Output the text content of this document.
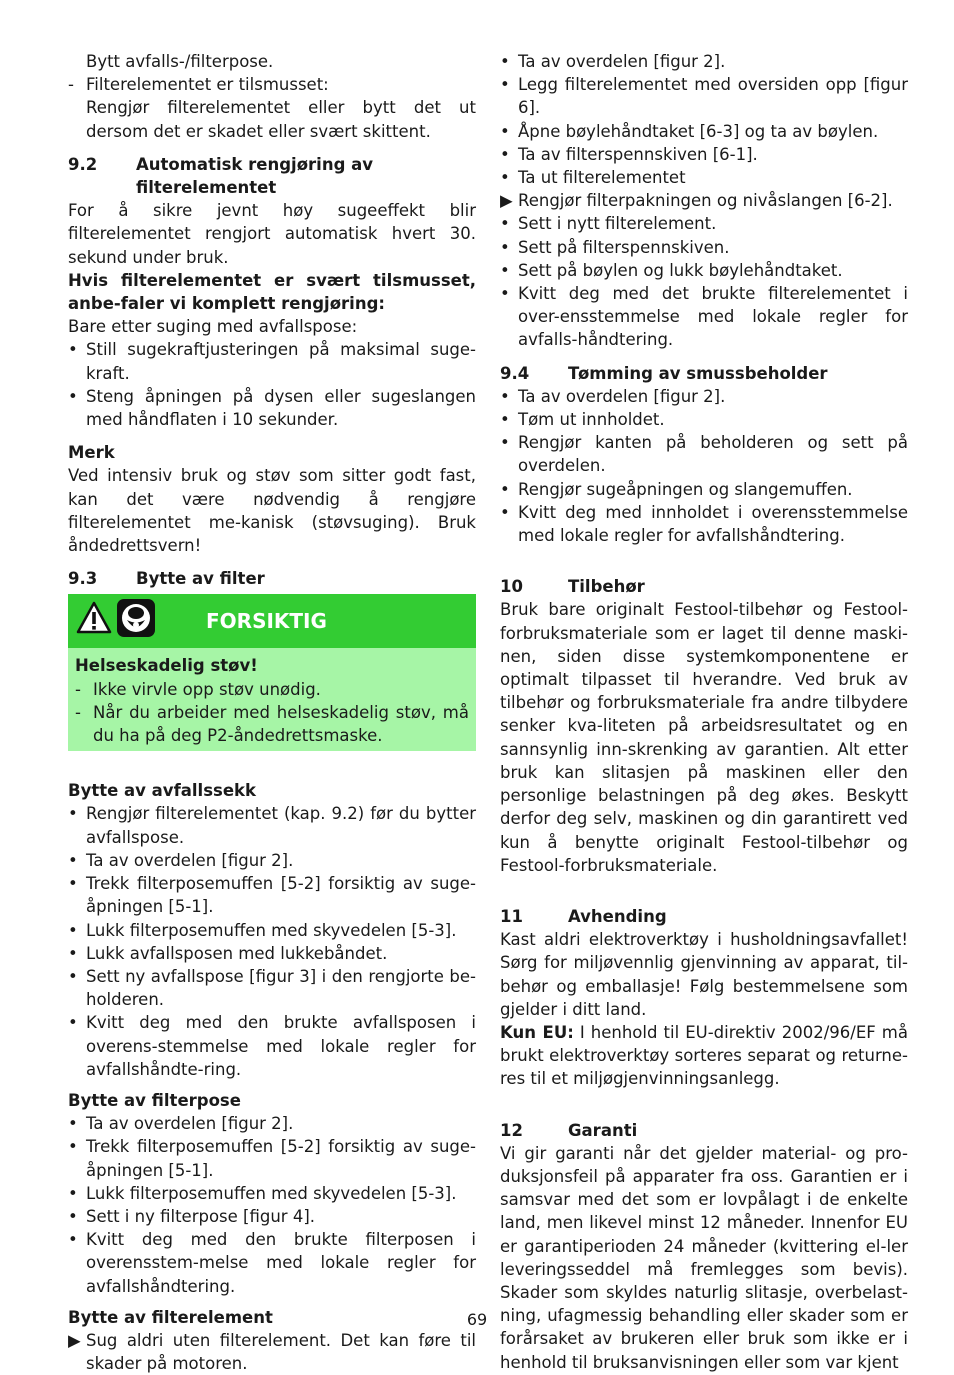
Bytt avfalls-/filterpose.

- Filterelementet er tilsmusset:

Rengjør filterelementet eller bytt det ut dersom det er skadet eller svært skittent.

9.2	Automatisk rengjøring av filterelementet

For å sikre jevnt høy sugeeffekt blir filterelementet rengjort automatisk hvert 30. sekund under bruk.

Hvis filterelementet er svært tilsmusset, anbe-faler vi komplett rengjøring:

Bare etter suging med avfallspose:

• Still sugekraftjusteringen på maksimal suge-kraft.
• Steng åpningen på dysen eller sugeslangen med håndflaten i 10 sekunder.

Merk

Ved intensiv bruk og støv som sitter godt fast, kan det være nødvendig å rengjøre filterelementet me-kanisk (støvsuging). Bruk åndedrettsvern!

9.3	Bytte av filter
FORSIKTIG

Helseskadelig støv!

- Ikke virvle opp støv unødig.
- Når du arbeider med helseskadelig støv, må du ha på deg P2-åndedrettsmaske.

Bytte av avfallssekk

• Rengjør filterelementet (kap. 9.2) før du bytter avfallspose.
• Ta av overdelen [figur 2].
• Trekk filterposemuffen [5-2] forsiktig av suge-åpningen [5-1].
• Lukk filterposemuffen med skyvedelen [5-3].
• Lukk avfallsposen med lukkebåndet.
• Sett ny avfallspose [figur 3] i den rengjorte be-holderen.
• Kvitt deg med den brukte avfallsposen i overens-stemmelse med lokale regler for avfallshåndte-ring.

Bytte av filterpose

• Ta av overdelen [figur 2].
• Trekk filterposemuffen [5-2] forsiktig av suge-åpningen [5-1].
• Lukk filterposemuffen med skyvedelen [5-3].
• Sett i ny filterpose [figur 4].
• Kvitt deg med den brukte filterposen i overensstem-melse med lokale regler for avfallshåndtering.

Bytte av filterelement

▶ Sug aldri uten filterelement. Det kan føre til skader på motoren.
• Ta av overdelen [figur 2].
• Legg filterelementet med oversiden opp [figur 6].
• Åpne bøylehåndtaket [6-3] og ta av bøylen.
• Ta av filterspennskiven [6-1].
• Ta ut filterelementet
▶ Rengjør filterpakningen og nivåslangen [6-2].
• Sett i nytt filterelement.
• Sett på filterspennskiven.
• Sett på bøylen og lukk bøylehåndtaket.
• Kvitt deg med det brukte filterelementet i over-ensstemmelse med lokale regler for avfalls-håndtering.
9.4	Tømming av smussbeholder
• Ta av overdelen [figur 2].
• Tøm ut innholdet.
• Rengjør kanten på beholderen og sett på overdelen.
• Rengjør sugeåpningen og slangemuffen.
• Kvitt deg med innholdet i overensstemmelse med lokale regler for avfallshåndtering.
10	Tilbehør

Bruk bare originalt Festool-tilbehør og Festool-forbruksmateriale som er laget til denne maski-nen, siden disse systemkomponentene er optimalt tilpasset til hverandre. Ved bruk av tilbehør og forbruksmateriale fra andre tilbydere senker kva-liteten på arbeidsresultatet og en sannsynlig inn-skrenking av garantien. Alt etter bruk kan slitasjen på maskinen eller den personlige belastningen på deg økes. Beskytt derfor deg selv, maskinen og din garantirett ved kun å benytte originalt Festool-tilbehør og Festool-forbruksmateriale.

11	Avhending

Kast aldri elektroverktøy i husholdningsavfallet! Sørg for miljøvennlig gjenvinning av apparat, til-behør og emballasje! Følg bestemmelsene som gjelder i ditt land.

Kun EU: I henhold til EU-direktiv 2002/96/EF må brukt elektroverktøy sorteres separat og returne-res til et miljøgjenvinningsanlegg.

12	Garanti

Vi gir garanti når det gjelder material- og pro-duksjonsfeil på apparater fra oss. Garantien er i samsvar med det som er lovpålagt i de enkelte land, men likevel minst 12 måneder. Innenfor EU er garantiperioden 24 måneder (kvittering el-ler leveringsseddel må fremlegges som bevis). Skader som skyldes naturlig slitasje, overbelast-ning, ufagmessig behandling eller skader som er forårsaket av brukeren eller bruk som ikke er i henhold til bruksanvisningen eller som var kjent

69
